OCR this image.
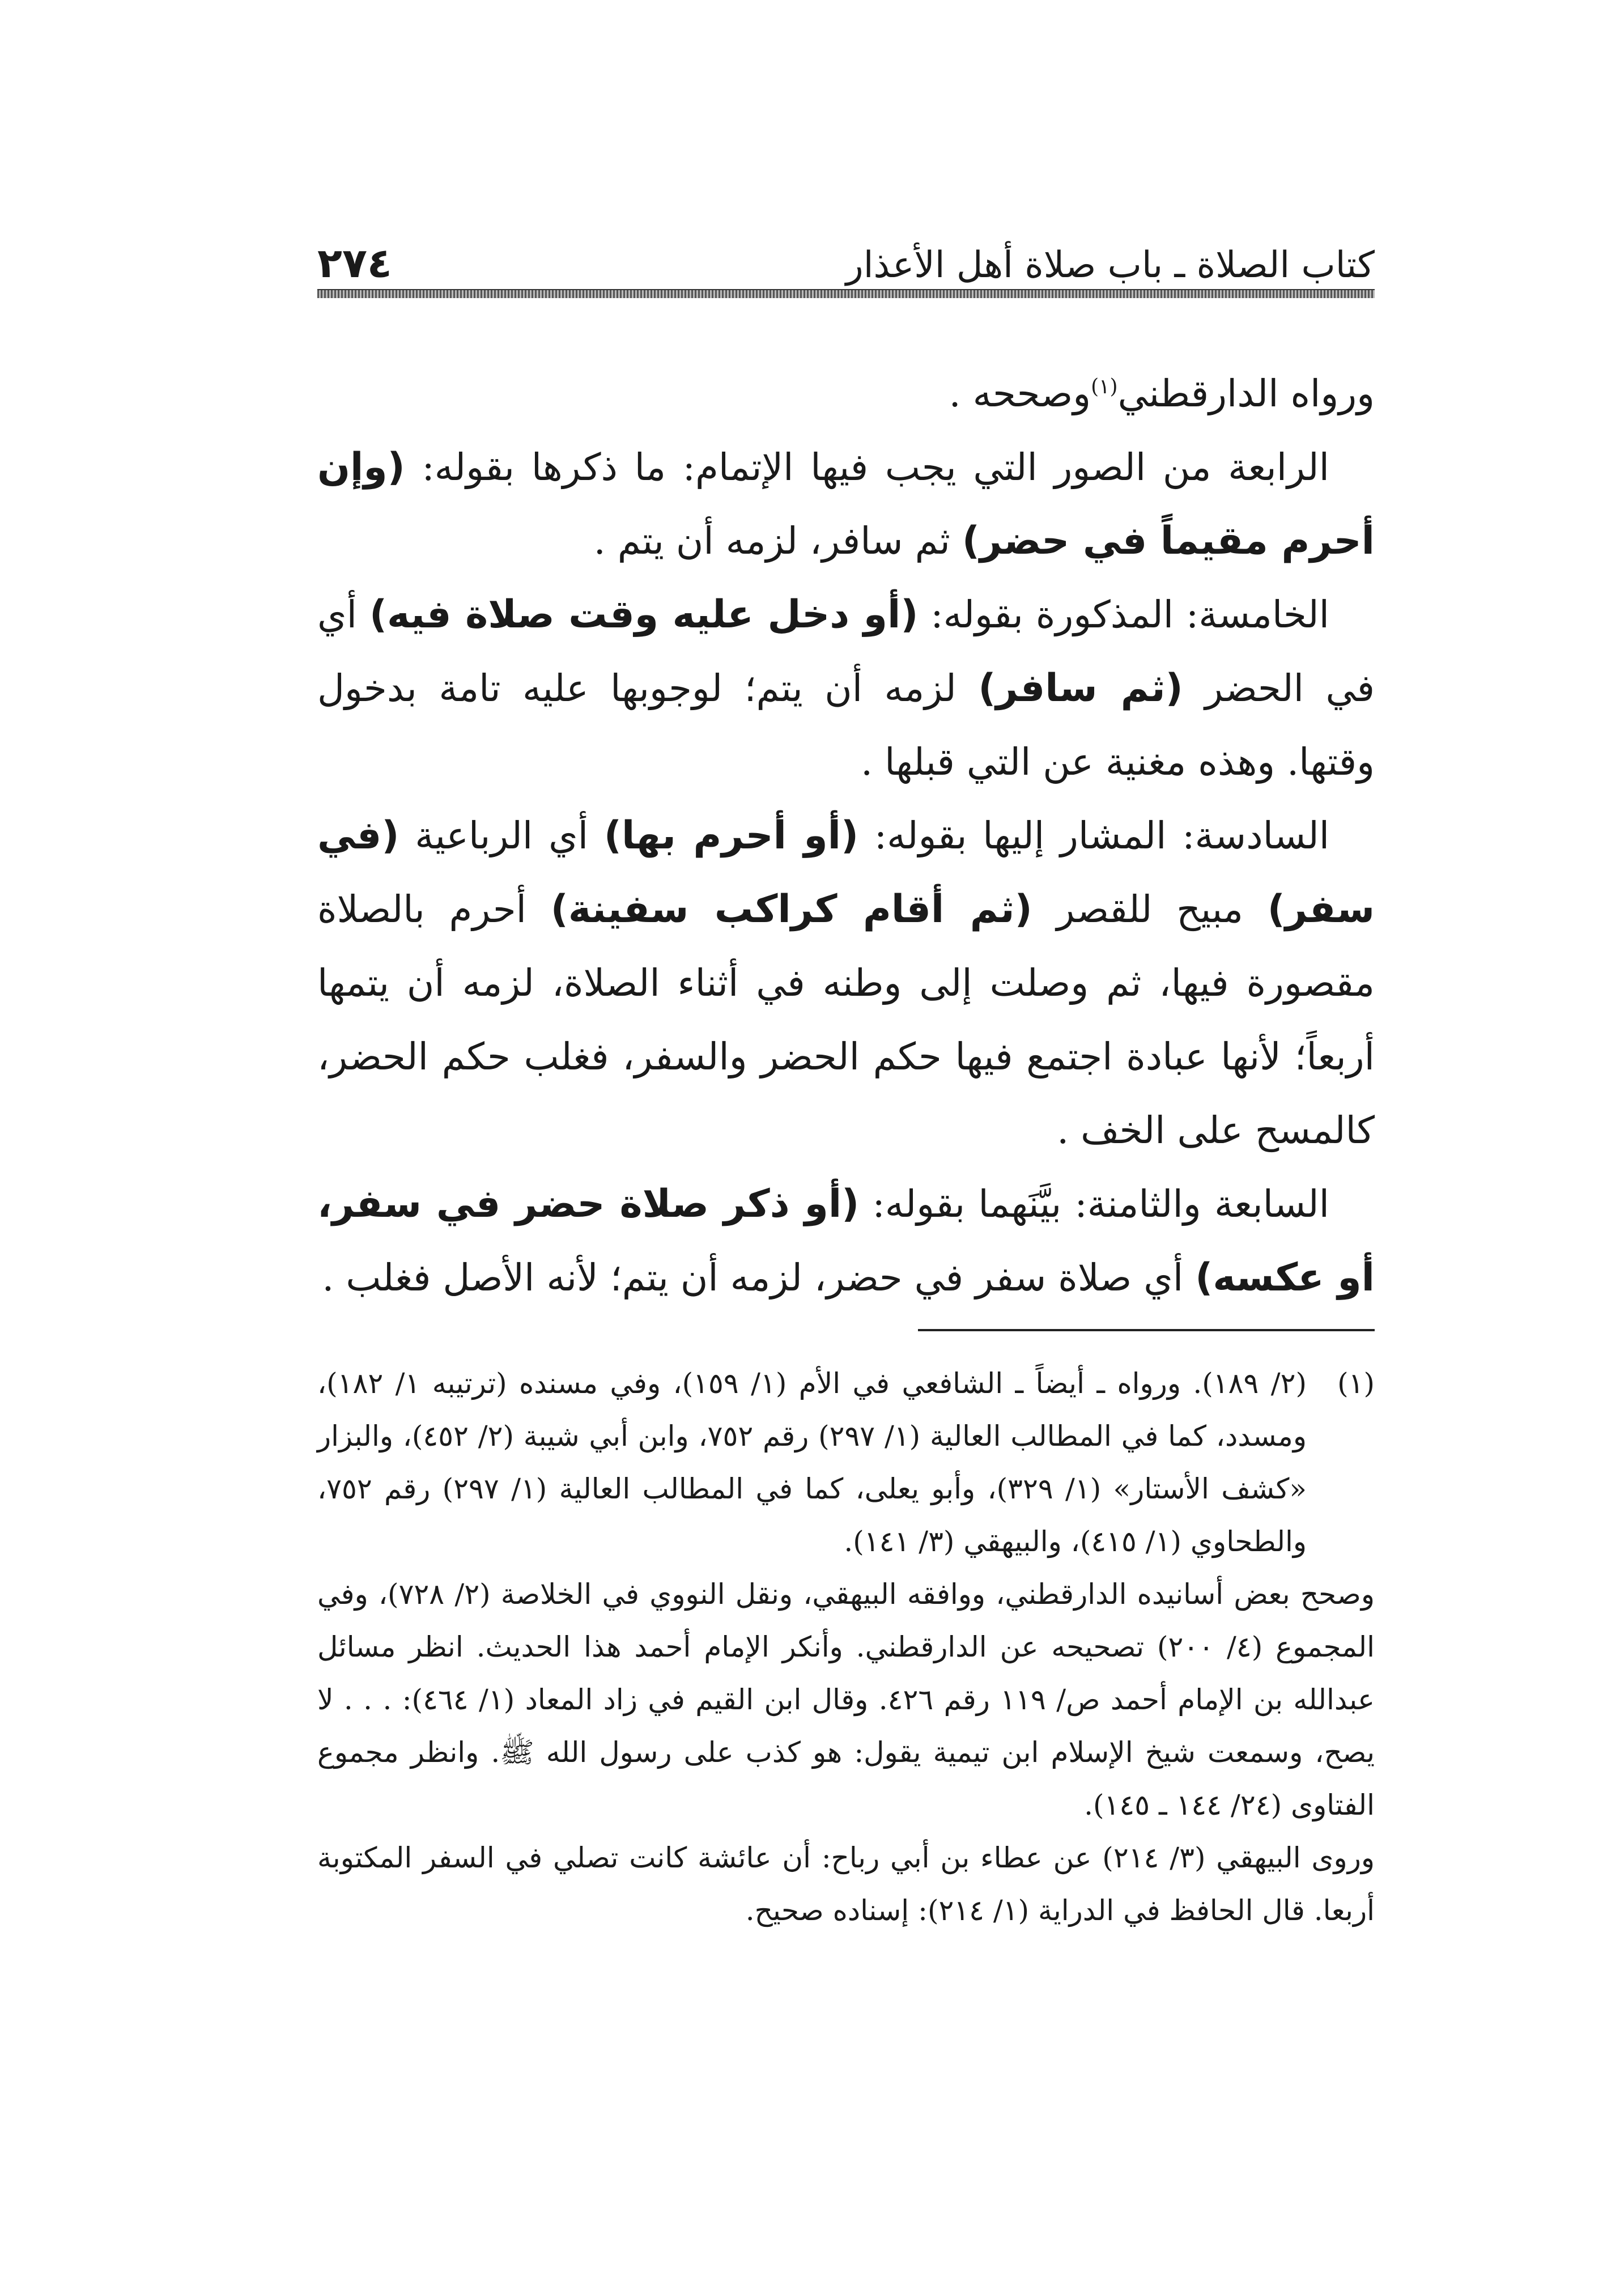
كتاب الصلاة ـ باب صلاة أهل الأعذار
٢٧٤

ورواه الدارقطني$^{(١)}$وصححه .

الرابعة من الصور التي يجب فيها الإتمام: ما ذكرها بقوله: (وإن أحرم مقيماً في حضر) ثم سافر، لزمه أن يتم .

الخامسة: المذكورة بقوله: (أو دخل عليه وقت صلاة فيه) أي في الحضر (ثم سافر) لزمه أن يتم؛ لوجوبها عليه تامة بدخول وقتها. وهذه مغنية عن التي قبلها .

السادسة: المشار إليها بقوله: (أو أحرم بها) أي الرباعية (في سفر) مبيح للقصر (ثم أقام كراكب سفينة) أحرم بالصلاة مقصورة فيها، ثم وصلت إلى وطنه في أثناء الصلاة، لزمه أن يتمها أربعاً؛ لأنها عبادة اجتمع فيها حكم الحضر والسفر، فغلب حكم الحضر، كالمسح على الخف .

السابعة والثامنة: بيَّنَهما بقوله: (أو ذكر صلاة حضر في سفر، أو عكسه) أي صلاة سفر في حضر، لزمه أن يتم؛ لأنه الأصل فغلب .

(١)
(٢/ ١٨٩). ورواه ـ أيضاً ـ الشافعي في الأم (١/ ١٥٩)، وفي مسنده (ترتيبه ١/ ١٨٢)، ومسدد، كما في المطالب العالية (١/ ٢٩٧) رقم ٧٥٢، وابن أبي شيبة (٢/ ٤٥٢)، والبزار «كشف الأستار» (١/ ٣٢٩)، وأبو يعلى، كما في المطالب العالية (١/ ٢٩٧) رقم ٧٥٢، والطحاوي (١/ ٤١٥)، والبيهقي (٣/ ١٤١).

وصحح بعض أسانيده الدارقطني، ووافقه البيهقي، ونقل النووي في الخلاصة (٢/ ٧٢٨)، وفي المجموع (٤/ ٢٠٠) تصحيحه عن الدارقطني. وأنكر الإمام أحمد هذا الحديث. انظر مسائل عبدالله بن الإمام أحمد ص/ ١١٩ رقم ٤٢٦. وقال ابن القيم في زاد المعاد (١/ ٤٦٤): . . . لا يصح، وسمعت شيخ الإسلام ابن تيمية يقول: هو كذب على رسول الله ﷺ. وانظر مجموع الفتاوى (٢٤/ ١٤٤ ـ ١٤٥).

وروى البيهقي (٣/ ٢١٤) عن عطاء بن أبي رباح: أن عائشة كانت تصلي في السفر المكتوبة أربعا. قال الحافظ في الدراية (١/ ٢١٤): إسناده صحيح.
